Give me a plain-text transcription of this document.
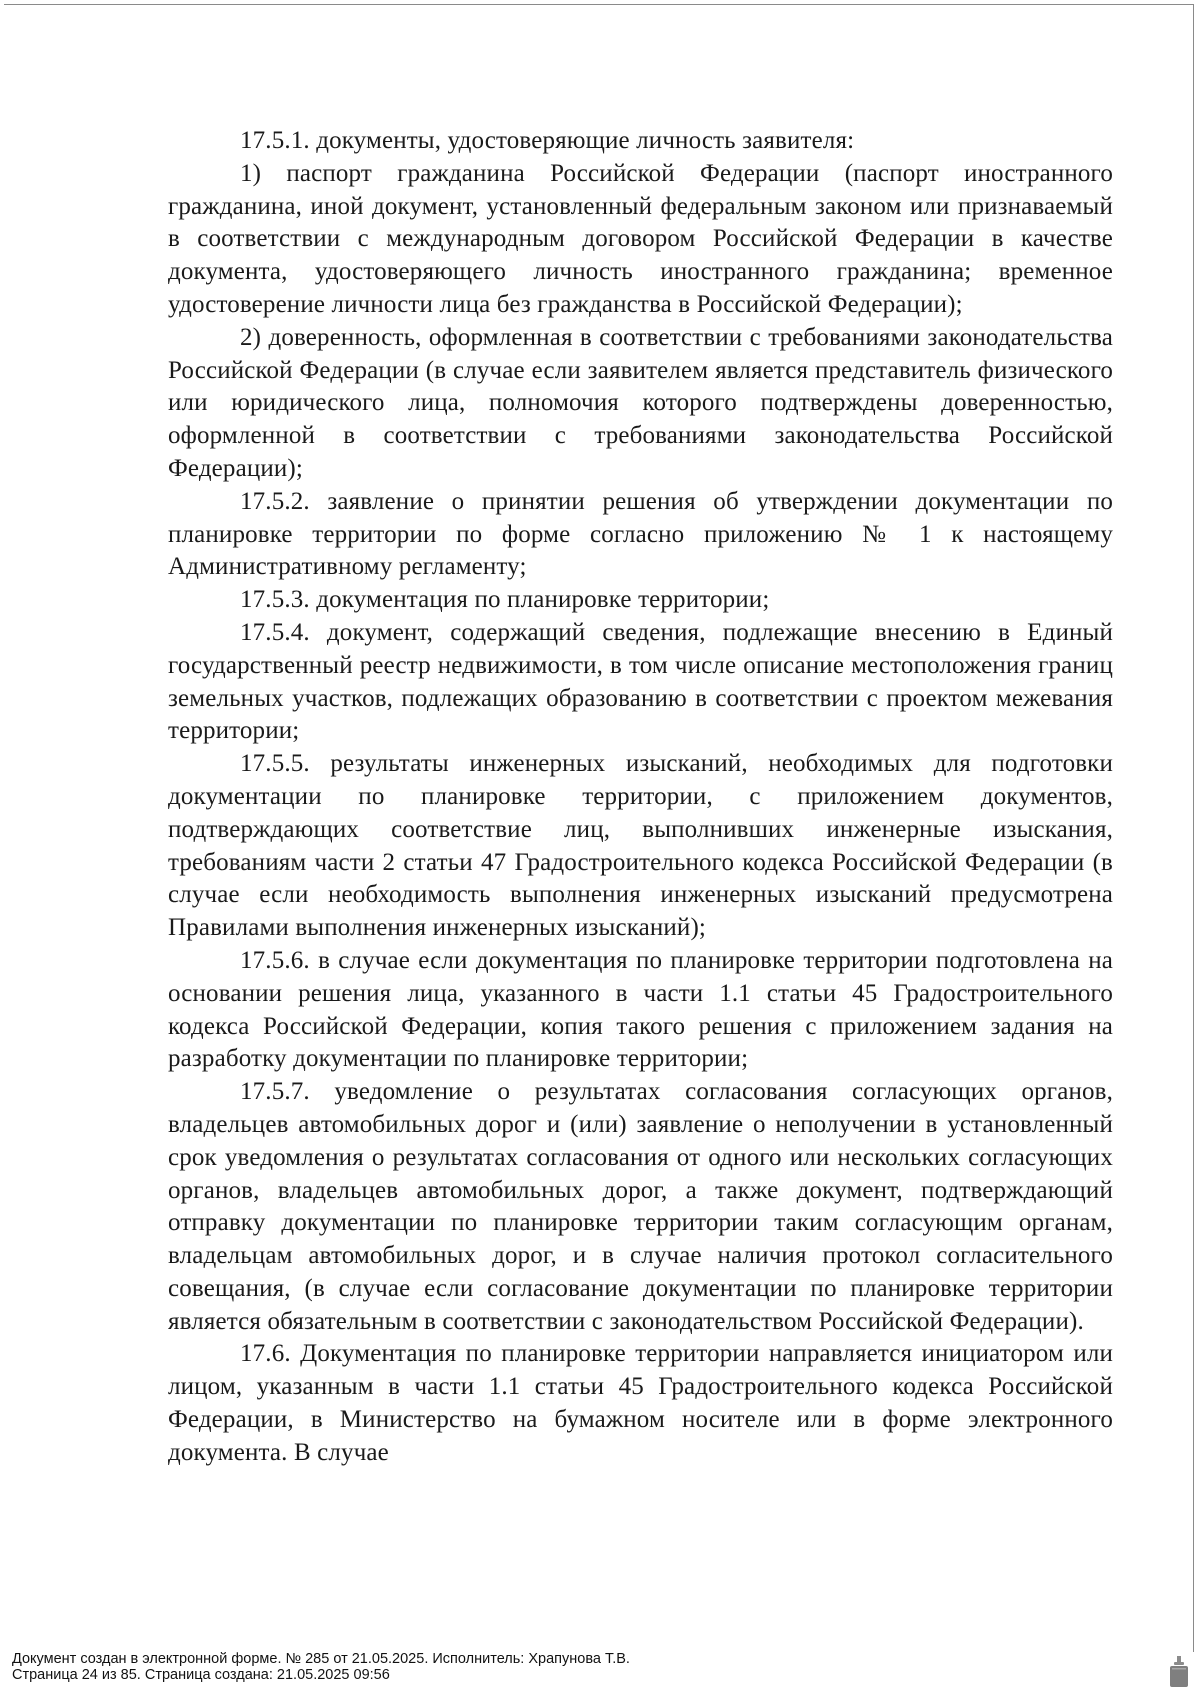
17.5.1. документы, удостоверяющие личность заявителя:

1) паспорт гражданина Российской Федерации (паспорт иностранного гражданина, иной документ, установленный федеральным законом или признаваемый в соответствии с международным договором Российской Федерации в качестве документа, удостоверяющего личность иностранного гражданина; временное удостоверение личности лица без гражданства в Российской Федерации);

2) доверенность, оформленная в соответствии с требованиями законодательства Российской Федерации (в случае если заявителем является представитель физического или юридического лица, полномочия которого подтверждены доверенностью, оформленной в соответствии с требованиями законодательства Российской Федерации);

17.5.2. заявление о принятии решения об утверждении документации по планировке территории по форме согласно приложению № 1 к настоящему Административному регламенту;

17.5.3. документация по планировке территории;

17.5.4. документ, содержащий сведения, подлежащие внесению в Единый государственный реестр недвижимости, в том числе описание местоположения границ земельных участков, подлежащих образованию в соответствии с проектом межевания территории;

17.5.5. результаты инженерных изысканий, необходимых для подготовки документации по планировке территории, с приложением документов, подтверждающих соответствие лиц, выполнивших инженерные изыскания, требованиям части 2 статьи 47 Градостроительного кодекса Российской Федерации (в случае если необходимость выполнения инженерных изысканий предусмотрена Правилами выполнения инженерных изысканий);

17.5.6. в случае если документация по планировке территории подготовлена на основании решения лица, указанного в части 1.1 статьи 45 Градостроительного кодекса Российской Федерации, копия такого решения с приложением задания на разработку документации по планировке территории;

17.5.7. уведомление о результатах согласования согласующих органов, владельцев автомобильных дорог и (или) заявление о неполучении в установленный срок уведомления о результатах согласования от одного или нескольких согласующих органов, владельцев автомобильных дорог, а также документ, подтверждающий отправку документации по планировке территории таким согласующим органам, владельцам автомобильных дорог, и в случае наличия протокол согласительного совещания, (в случае если согласование документации по планировке территории является обязательным в соответствии с законодательством Российской Федерации).

17.6. Документация по планировке территории направляется инициатором или лицом, указанным в части 1.1 статьи 45 Градостроительного кодекса Российской Федерации, в Министерство на бумажном носителе или в форме электронного документа. В случае

Документ создан в электронной форме. № 285 от 21.05.2025. Исполнитель: Храпунова Т.В.
Страница 24 из 85. Страница создана: 21.05.2025 09:56
